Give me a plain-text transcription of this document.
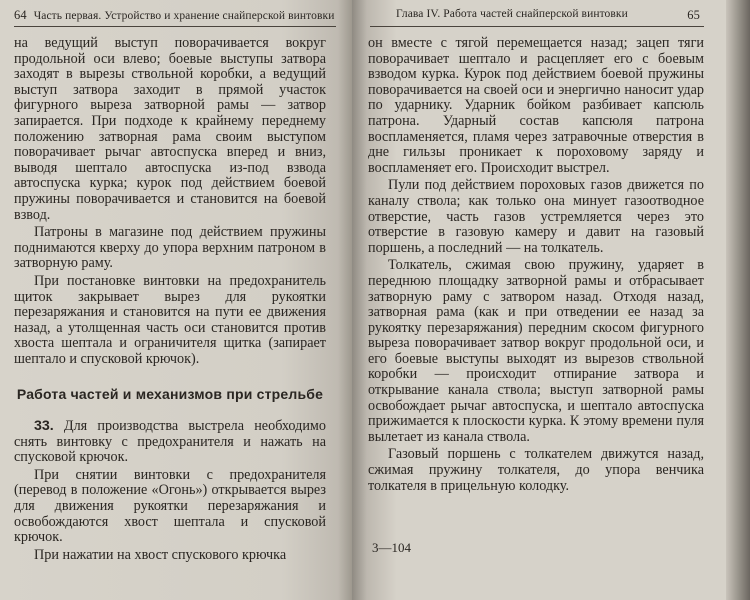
64 Часть первая. Устройство и хранение снайперской винтовки

на ведущий выступ поворачивается вокруг продольной оси влево; боевые выступы затвора заходят в вырезы ствольной коробки, а ведущий выступ затвора заходит в прямой участок фигурного выреза затворной рамы — затвор запирается. При подходе к крайнему переднему положению затворная рама своим выступом поворачивает рычаг автоспуска вперед и вниз, выводя шептало автоспуска из-под взвода автоспуска курка; курок под действием боевой пружины поворачивается и становится на боевой взвод.

Патроны в магазине под действием пружины поднимаются кверху до упора верхним патроном в затворную раму.

При постановке винтовки на предохранитель щиток закрывает вырез для рукоятки перезаряжания и становится на пути ее движения назад, а утолщенная часть оси становится против хвоста шептала и ограничителя щитка (запирает шептало и спусковой крючок).

Работа частей и механизмов при стрельбе

33. Для производства выстрела необходимо снять винтовку с предохранителя и нажать на спусковой крючок.

При снятии винтовки с предохранителя (перевод в положение «Огонь») открывается вырез для движения рукоятки перезаряжания и освобождаются хвост шептала и спусковой крючок.

При нажатии на хвост спускового крючка

Глава IV. Работа частей снайперской винтовки	65

он вместе с тягой перемещается назад; зацеп тяги поворачивает шептало и расцепляет его с боевым взводом курка. Курок под действием боевой пружины поворачивается на своей оси и энергично наносит удар по ударнику. Ударник бойком разбивает капсюль патрона. Ударный состав капсюля патрона воспламеняется, пламя через затравочные отверстия в дне гильзы проникает к пороховому заряду и воспламеняет его. Происходит выстрел.

Пули под действием пороховых газов движется по каналу ствола; как только она минует газоотводное отверстие, часть газов устремляется через это отверстие в газовую камеру и давит на газовый поршень, а последний — на толкатель.

Толкатель, сжимая свою пружину, ударяет в переднюю площадку затворной рамы и отбрасывает затворную раму с затвором назад. Отходя назад, затворная рама (как и при отведении ее назад за рукоятку перезаряжания) передним скосом фигурного выреза поворачивает затвор вокруг продольной оси, и его боевые выступы выходят из вырезов ствольной коробки — происходит отпирание затвора и открывание канала ствола; выступ затворной рамы освобождает рычаг автоспуска, и шептало автоспуска прижимается к плоскости курка. К этому времени пуля вылетает из канала ствола.

Газовый поршень с толкателем движутся назад, сжимая пружину толкателя, до упора венчика толкателя в прицельную колодку.

3—104
